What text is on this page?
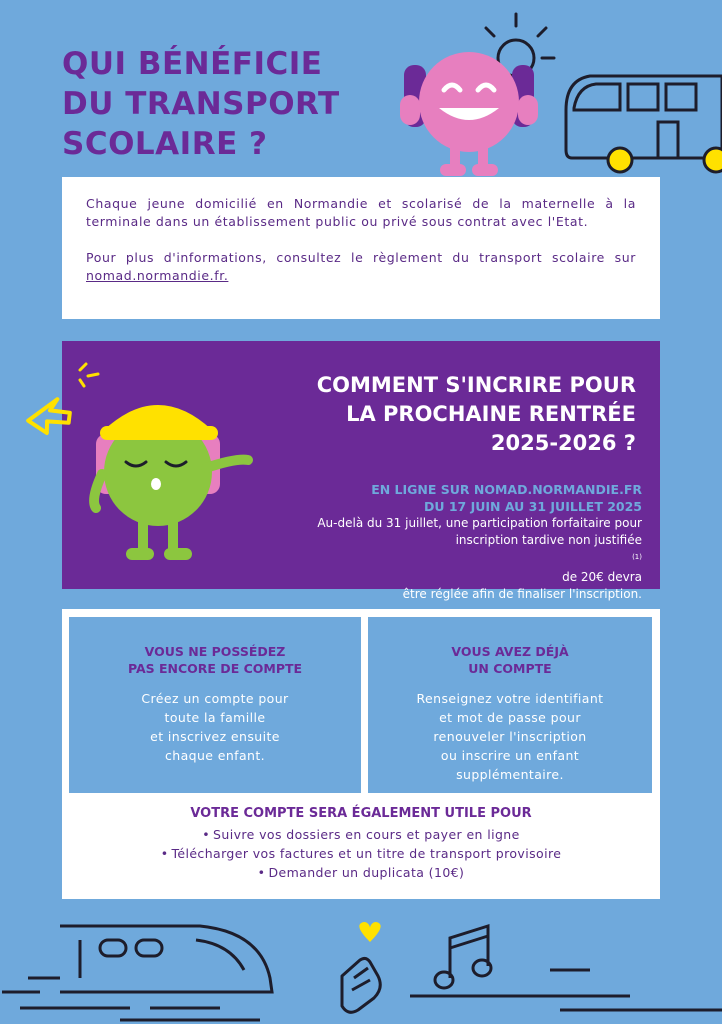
QUI BÉNÉFICIE
DU TRANSPORT
SCOLAIRE ?

Chaque jeune domicilié en Normandie et scolarisé de la maternelle à la terminale dans un établissement public ou privé sous contrat avec l'Etat.

Pour plus d'informations, consultez le règlement du transport scolaire sur nomad.normandie.fr.

COMMENT S'INCRIRE POUR
LA PROCHAINE RENTRÉE
2025-2026 ?
EN LIGNE SUR NOMAD.NORMANDIE.FR
DU 17 JUIN AU 31 JUILLET 2025
Au-delà du 31 juillet, une participation forfaitaire pour
inscription tardive non justifiée
$^{(1)}$
de 20€ devra
être réglée afin de finaliser l'inscription.
VOUS NE POSSÉDEZ
PAS ENCORE DE COMPTE
Créez un compte pour
toute la famille
et inscrivez ensuite
chaque enfant.
VOUS AVEZ DÉJÀ
UN COMPTE
Renseignez votre identifiant
et mot de passe pour
renouveler l'inscription
ou inscrire un enfant
supplémentaire.
VOTRE COMPTE SERA ÉGALEMENT UTILE POUR
• Suivre vos dossiers en cours et payer en ligne
• Télécharger vos factures et un titre de transport provisoire
• Demander un duplicata (10€)
